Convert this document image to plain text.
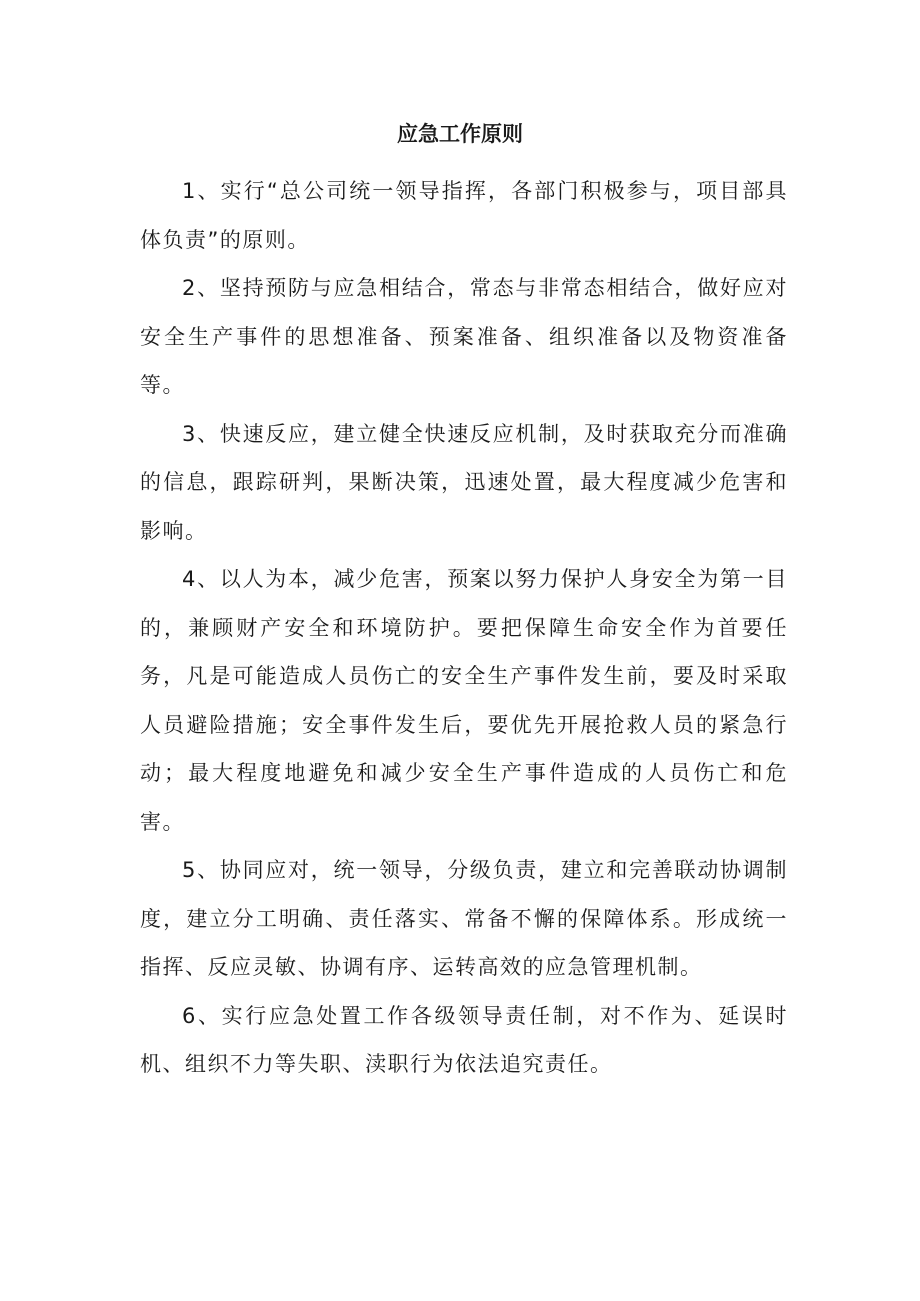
应急工作原则

1、实行“总公司统一领导指挥，各部门积极参与，项目部具体负责”的原则。

2、坚持预防与应急相结合，常态与非常态相结合，做好应对安全生产事件的思想准备、预案准备、组织准备以及物资准备等。

3、快速反应，建立健全快速反应机制，及时获取充分而准确的信息，跟踪研判，果断决策，迅速处置，最大程度减少危害和影响。

4、以人为本，减少危害，预案以努力保护人身安全为第一目的，兼顾财产安全和环境防护。要把保障生命安全作为首要任务，凡是可能造成人员伤亡的安全生产事件发生前，要及时采取人员避险措施；安全事件发生后，要优先开展抢救人员的紧急行动；最大程度地避免和减少安全生产事件造成的人员伤亡和危害。

5、协同应对，统一领导，分级负责，建立和完善联动协调制度，建立分工明确、责任落实、常备不懈的保障体系。形成统一指挥、反应灵敏、协调有序、运转高效的应急管理机制。

6、实行应急处置工作各级领导责任制，对不作为、延误时机、组织不力等失职、渎职行为依法追究责任。
